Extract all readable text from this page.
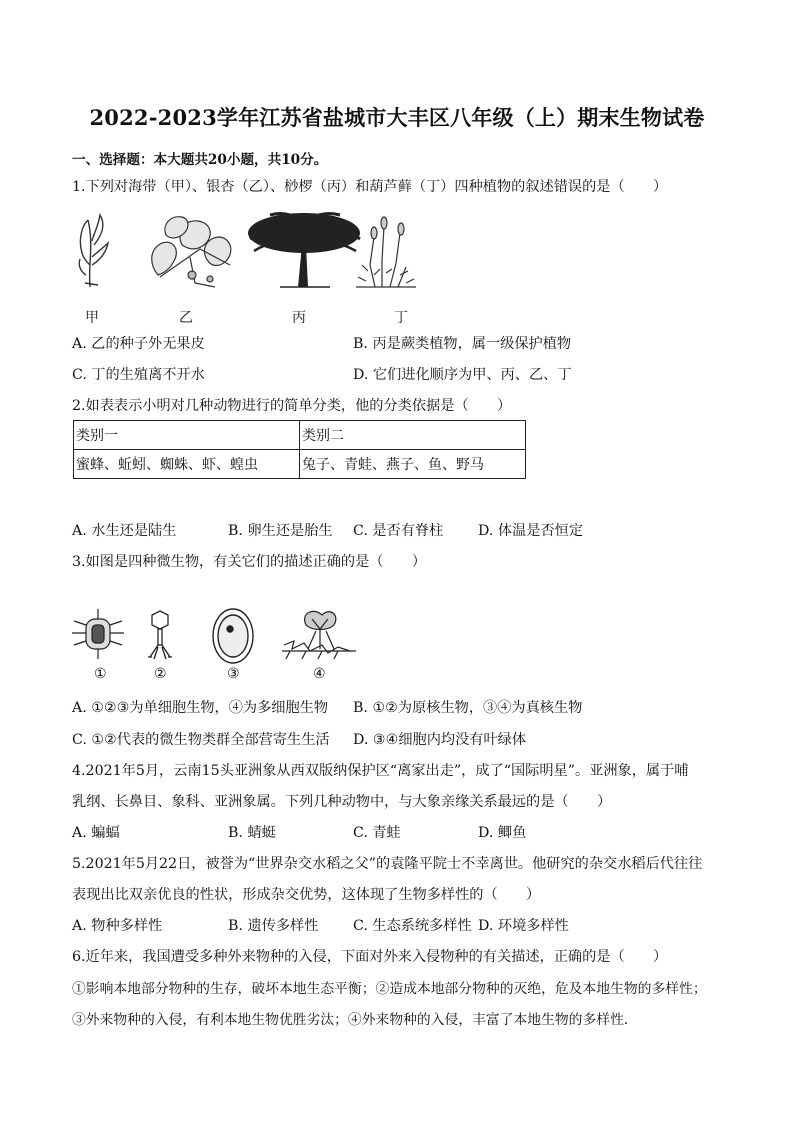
2022-2023学年江苏省盐城市大丰区八年级（上）期末生物试卷
一、选择题：本大题共20小题，共10分。
1.下列对海带（甲）、银杏（乙）、桫椤（丙）和葫芦藓（丁）四种植物的叙述错误的是（　　）
甲	乙	丙	丁
A. 乙的种子外无果皮	B. 丙是蕨类植物，属一级保护植物
C. 丁的生殖离不开水	D. 它们进化顺序为甲、丙、乙、丁
2.如表表示小明对几种动物进行的简单分类，他的分类依据是（　　）
类别一	类别二
蜜蜂、蚯蚓、蜘蛛、虾、蝗虫	兔子、青蛙、燕子、鱼、野马
A. 水生还是陆生	B. 卵生还是胎生 C. 是否有脊柱 D. 体温是否恒定
3.如图是四种微生物，有关它们的描述正确的是（　　）
①	②	③	④
A. ①②③为单细胞生物，④为多细胞生物 B. ①②为原核生物，③④为真核生物
C. ①②代表的微生物类群全部营寄生生活 D. ③④细胞内均没有叶绿体
4.2021年5月，云南15头亚洲象从西双版纳保护区“离家出走”，成了“国际明星”。亚洲象，属于哺
乳纲、长鼻目、象科、亚洲象属。下列几种动物中，与大象亲缘关系最远的是（　　）
A. 蝙蝠	B. 蜻蜓	C. 青蛙	D. 鲫鱼
5.2021年5月22日，被誉为“世界杂交水稻之父”的袁隆平院士不幸离世。他研究的杂交水稻后代往往
表现出比双亲优良的性状，形成杂交优势，这体现了生物多样性的（　　）
A. 物种多样性	B. 遗传多样性 C. 生态系统多样性 D. 环境多样性
6.近年来，我国遭受多种外来物种的入侵，下面对外来入侵物种的有关描述，正确的是（　　）
①影响本地部分物种的生存，破坏本地生态平衡；②造成本地部分物种的灭绝，危及本地生物的多样性；
③外来物种的入侵，有利本地生物优胜劣汰；④外来物种的入侵，丰富了本地生物的多样性．
